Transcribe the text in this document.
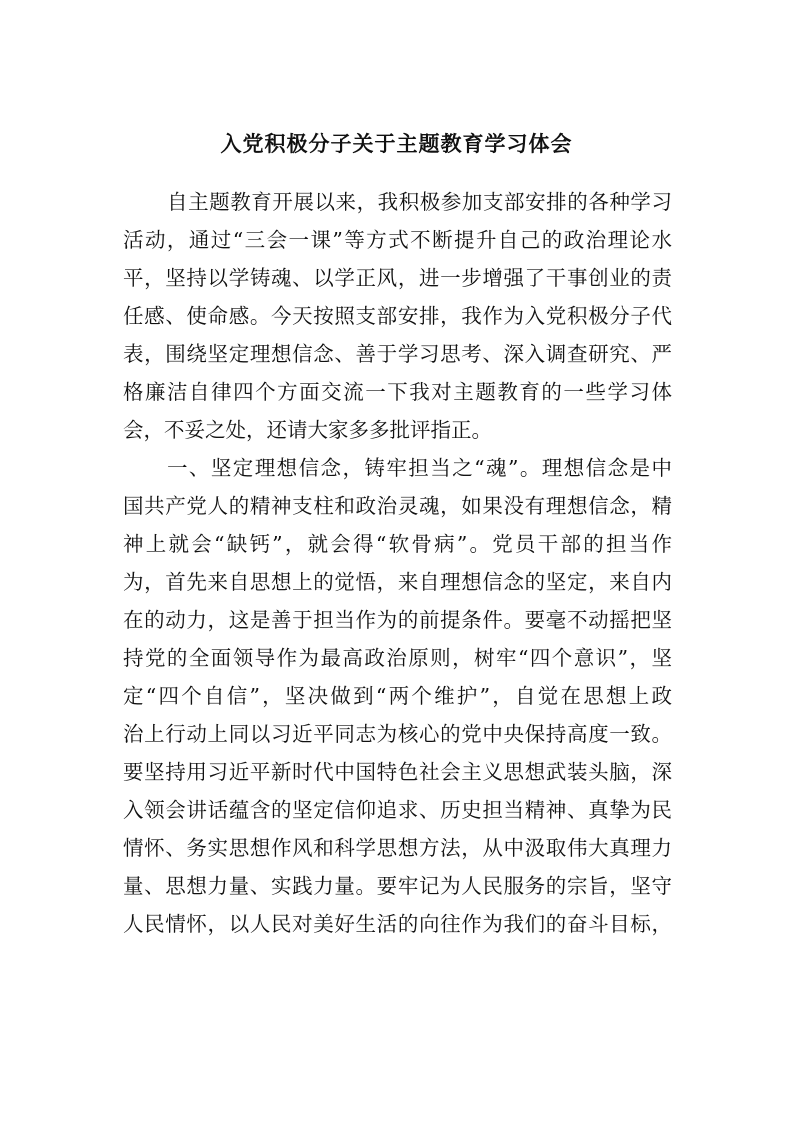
入党积极分子关于主题教育学习体会
自主题教育开展以来，我积极参加支部安排的各种学习
活动，通过“三会一课”等方式不断提升自己的政治理论水
平，坚持以学铸魂、以学正风，进一步增强了干事创业的责
任感、使命感。今天按照支部安排，我作为入党积极分子代
表，围绕坚定理想信念、善于学习思考、深入调查研究、严
格廉洁自律四个方面交流一下我对主题教育的一些学习体
会，不妥之处，还请大家多多批评指正。
一、坚定理想信念，铸牢担当之“魂”。理想信念是中
国共产党人的精神支柱和政治灵魂，如果没有理想信念，精
神上就会“缺钙”，就会得“软骨病”。党员干部的担当作
为，首先来自思想上的觉悟，来自理想信念的坚定，来自内
在的动力，这是善于担当作为的前提条件。要毫不动摇把坚
持党的全面领导作为最高政治原则，树牢“四个意识”，坚
定“四个自信”，坚决做到“两个维护”，自觉在思想上政
治上行动上同以习近平同志为核心的党中央保持高度一致。
要坚持用习近平新时代中国特色社会主义思想武装头脑，深
入领会讲话蕴含的坚定信仰追求、历史担当精神、真挚为民
情怀、务实思想作风和科学思想方法，从中汲取伟大真理力
量、思想力量、实践力量。要牢记为人民服务的宗旨，坚守
人民情怀，以人民对美好生活的向往作为我们的奋斗目标，
